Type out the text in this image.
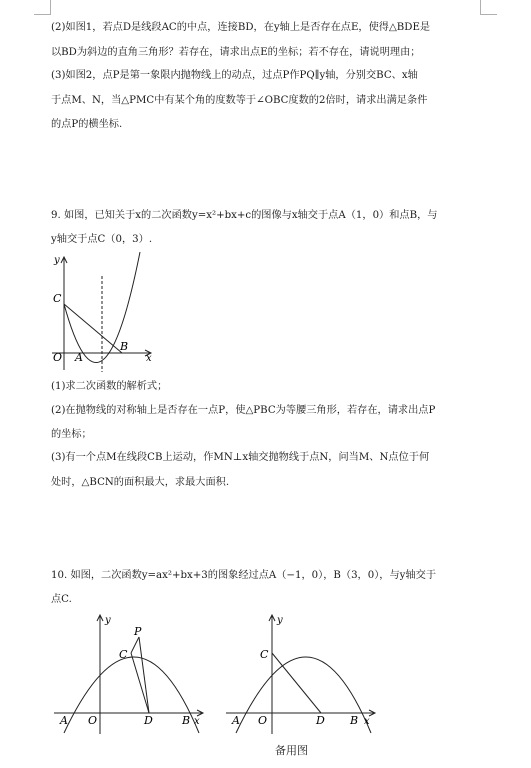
(2)如图1，若点D是线段AC的中点，连接BD，在y轴上是否存在点E，使得△BDE是
以BD为斜边的直角三角形？若存在，请求出点E的坐标；若不存在，请说明理由；
(3)如图2，点P是第一象限内抛物线上的动点，过点P作PQ∥y轴，分别交BC、x轴
于点M、N，当△PMC中有某个角的度数等于∠OBC度数的2倍时，请求出满足条件
的点P的横坐标.
9. 如图，已知关于x的二次函数y=x²+bx+c的图像与x轴交于点A（1，0）和点B，与
y轴交于点C（0，3）.
y
C
O A
B
x
(1)求二次函数的解析式；
(2)在抛物线的对称轴上是否存在一点P，使△PBC为等腰三角形，若存在，请求出点P
的坐标；
(3)有一个点M在线段CB上运动，作MN⊥x轴交抛物线于点N，问当M、N点位于何
处时，△BCN的面积最大，求最大面积.
10. 如图，二次函数y=ax²+bx+3的图象经过点A（−1，0），B（3，0），与y轴交于
点C.
y
P
C
A O	D	B x
y
C
A O	D B x
备用图
